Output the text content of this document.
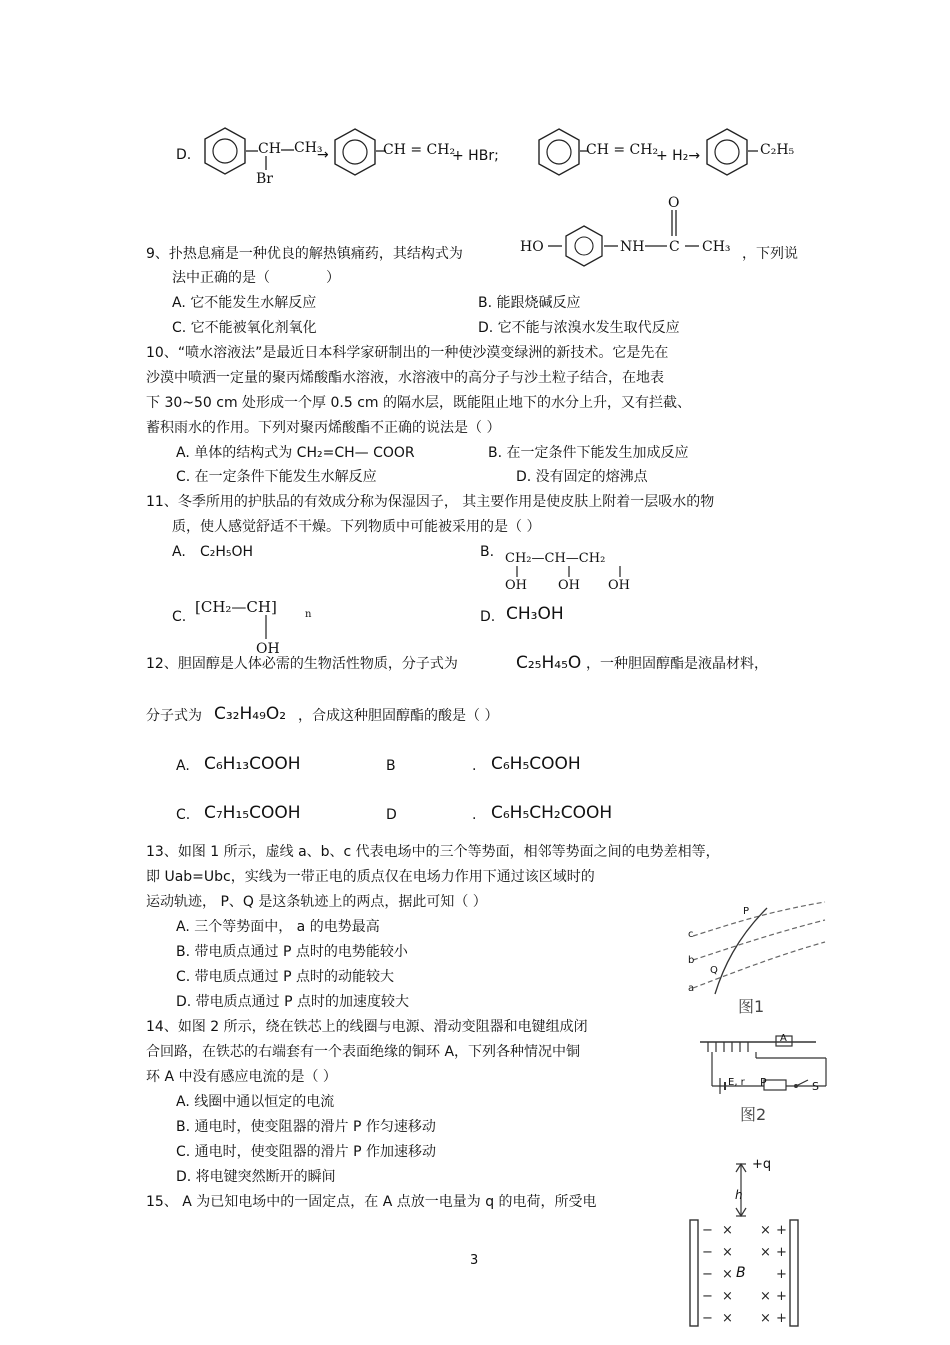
D.	CH CH₃
Br
→	CH = CH₂
+ HBr;	CH = CH₂
+ H₂→	C₂H₅
9、扑热息痛是一种优良的解热镇痛药，其结构式为	HO	NH
O
C CH₃ ，下列说
法中正确的是（　　　　）
A. 它不能发生水解反应	B. 能跟烧碱反应
C. 它不能被氧化剂氧化	D. 它不能与浓溴水发生取代反应
10、“喷水溶液法”是最近日本科学家研制出的一种使沙漠变绿洲的新技术。它是先在
沙漠中喷洒一定量的聚丙烯酸酯水溶液，水溶液中的高分子与沙土粒子结合，在地表
下 30~50 cm 处形成一个厚 0.5 cm 的隔水层，既能阻止地下的水分上升，又有拦截、
蓄积雨水的作用。下列对聚丙烯酸酯不正确的说法是（ ）
A. 单体的结构式为 CH₂=CH— COOR	B. 在一定条件下能发生加成反应
C. 在一定条件下能发生水解反应	D. 没有固定的熔沸点
11、冬季所用的护肤品的有效成分称为保湿因子， 其主要作用是使皮肤上附着一层吸水的物
质，使人感觉舒适不干燥。下列物质中可能被采用的是（ ）
A. C₂H₅OH	B. CH₂—CH—CH₂
OH OH OH
C.
[CH₂—CH]	n
OH
D. CH₃OH
12、胆固醇是人体必需的生物活性物质，分子式为	C₂₅H₄₅O ，一种胆固醇酯是液晶材料，
分子式为 C₃₂H₄₉O₂ ，合成这种胆固醇酯的酸是（ ）
A. C₆H₁₃COOH	B	. C₆H₅COOH
C. C₇H₁₅COOH	D	. C₆H₅CH₂COOH
13、如图 1 所示，虚线 a、b、c 代表电场中的三个等势面，相邻等势面之间的电势差相等，
即 Uab=Ubc，实线为一带正电的质点仅在电场力作用下通过该区域时的
运动轨迹， P、Q 是这条轨迹上的两点，据此可知（ ）
A. 三个等势面中， a 的电势最高
B. 带电质点通过 P 点时的电势能较小
C. 带电质点通过 P 点时的动能较大
D. 带电质点通过 P 点时的加速度较大
P
Q
c
b
a
图1
14、如图 2 所示，绕在铁芯上的线圈与电源、滑动变阻器和电键组成闭
合回路，在铁芯的右端套有一个表面绝缘的铜环 A，下列各种情况中铜
环 A 中没有感应电流的是（ ）
A. 线圈中通以恒定的电流
B. 通电时，使变阻器的滑片 P 作匀速移动
C. 通电时，使变阻器的滑片 P 作加速移动
D. 将电键突然断开的瞬间
A
E, r P	S
图2
15、 A 为已知电场中的一固定点，在 A 点放一电量为 q 的电荷，所受电
− × × +
− × × +
− ×	+
− × × +
− × × +
+q
h
B
3
